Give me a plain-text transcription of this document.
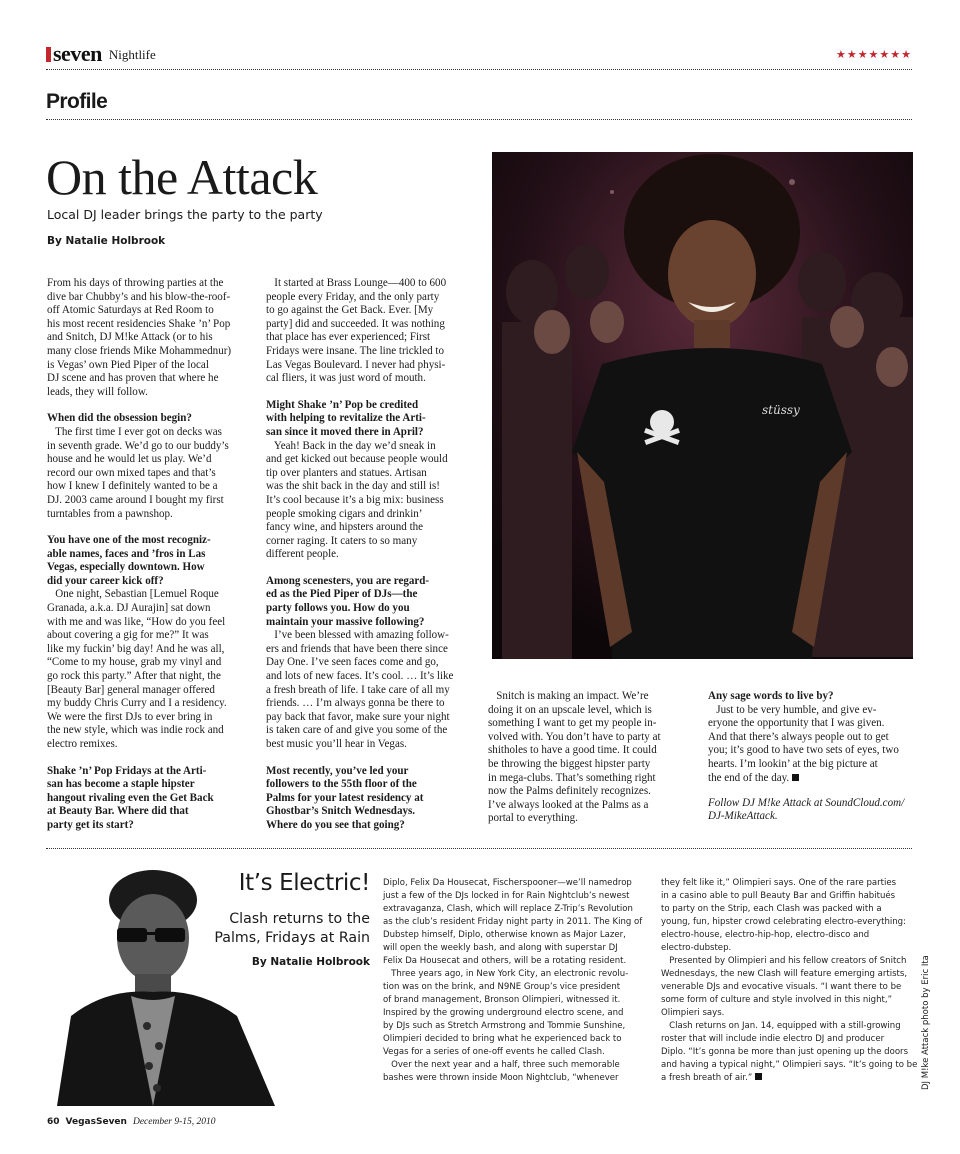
seven Nightlife	★★★★★★★
Profile
On the Attack
Local DJ leader brings the party to the party
By Natalie Holbrook
stüssy
From his days of throwing parties at the
dive bar Chubby’s and his blow-the-roof-
off Atomic Saturdays at Red Room to
his most recent residencies Shake ’n’ Pop
and Snitch, DJ M!ke Attack (or to his
many close friends Mike Mohammednur)
is Vegas’ own Pied Piper of the local
DJ scene and has proven that where he
leads, they will follow.
When did the obsession begin?
The first time I ever got on decks was
in seventh grade. We’d go to our buddy’s
house and he would let us play. We’d
record our own mixed tapes and that’s
how I knew I definitely wanted to be a
DJ. 2003 came around I bought my first
turntables from a pawnshop.
You have one of the most recogniz-
able names, faces and ’fros in Las
Vegas, especially downtown. How
did your career kick off?
One night, Sebastian [Lemuel Roque
Granada, a.k.a. DJ Aurajin] sat down
with me and was like, “How do you feel
about covering a gig for me?” It was
like my fuckin’ big day! And he was all,
“Come to my house, grab my vinyl and
go rock this party.” After that night, the
[Beauty Bar] general manager offered
my buddy Chris Curry and I a residency.
We were the first DJs to ever bring in
the new style, which was indie rock and
electro remixes.
Shake ’n’ Pop Fridays at the Arti-
san has become a staple hipster
hangout rivaling even the Get Back
at Beauty Bar. Where did that
party get its start?
It started at Brass Lounge—400 to 600
people every Friday, and the only party
to go against the Get Back. Ever. [My
party] did and succeeded. It was nothing
that place has ever experienced; First
Fridays were insane. The line trickled to
Las Vegas Boulevard. I never had physi-
cal fliers, it was just word of mouth.
Might Shake ’n’ Pop be credited
with helping to revitalize the Arti-
san since it moved there in April?
Yeah! Back in the day we’d sneak in
and get kicked out because people would
tip over planters and statues. Artisan
was the shit back in the day and still is!
It’s cool because it’s a big mix: business
people smoking cigars and drinkin’
fancy wine, and hipsters around the
corner raging. It caters to so many
different people.
Among scenesters, you are regard-
ed as the Pied Piper of DJs—the
party follows you. How do you
maintain your massive following?
I’ve been blessed with amazing follow-
ers and friends that have been there since
Day One. I’ve seen faces come and go,
and lots of new faces. It’s cool. … It’s like
a fresh breath of life. I take care of all my
friends. … I’m always gonna be there to
pay back that favor, make sure your night
is taken care of and give you some of the
best music you’ll hear in Vegas.
Most recently, you’ve led your
followers to the 55th floor of the
Palms for your latest residency at
Ghostbar’s Snitch Wednesdays.
Where do you see that going?
Snitch is making an impact. We’re
doing it on an upscale level, which is
something I want to get my people in-
volved with. You don’t have to party at
shitholes to have a good time. It could
be throwing the biggest hipster party
in mega-clubs. That’s something right
now the Palms definitely recognizes.
I’ve always looked at the Palms as a
portal to everything.
Any sage words to live by?
Just to be very humble, and give ev-
eryone the opportunity that I was given.
And that there’s always people out to get
you; it’s good to have two sets of eyes, two
hearts. I’m lookin’ at the big picture at
the end of the day.
Follow DJ M!ke Attack at SoundCloud.com/
DJ-MikeAttack.
It’s Electric!
Clash returns to the
Palms, Fridays at Rain
By Natalie Holbrook
Diplo, Felix Da Housecat, Fischerspooner—we’ll namedrop
just a few of the DJs locked in for Rain Nightclub’s newest
extravaganza, Clash, which will replace Z-Trip’s Revolution
as the club’s resident Friday night party in 2011. The King of
Dubstep himself, Diplo, otherwise known as Major Lazer,
will open the weekly bash, and along with superstar DJ
Felix Da Housecat and others, will be a rotating resident.
Three years ago, in New York City, an electronic revolu-
tion was on the brink, and N9NE Group’s vice president
of brand management, Bronson Olimpieri, witnessed it.
Inspired by the growing underground electro scene, and
by DJs such as Stretch Armstrong and Tommie Sunshine,
Olimpieri decided to bring what he experienced back to
Vegas for a series of one-off events he called Clash.
Over the next year and a half, three such memorable
bashes were thrown inside Moon Nightclub, “whenever
they felt like it,” Olimpieri says. One of the rare parties
in a casino able to pull Beauty Bar and Griffin habitués
to party on the Strip, each Clash was packed with a
young, fun, hipster crowd celebrating electro-everything:
electro-house, electro-hip-hop, electro-disco and
electro-dubstep.
Presented by Olimpieri and his fellow creators of Snitch
Wednesdays, the new Clash will feature emerging artists,
venerable DJs and evocative visuals. “I want there to be
some form of culture and style involved in this night,”
Olimpieri says.
Clash returns on Jan. 14, equipped with a still-growing
roster that will include indie electro DJ and producer
Diplo. “It’s gonna be more than just opening up the doors
and having a typical night,” Olimpieri says. “It’s going to be
a fresh breath of air.”	DJ M!ke Attack photo by Eric Ita
60 VegasSeven December 9-15, 2010
